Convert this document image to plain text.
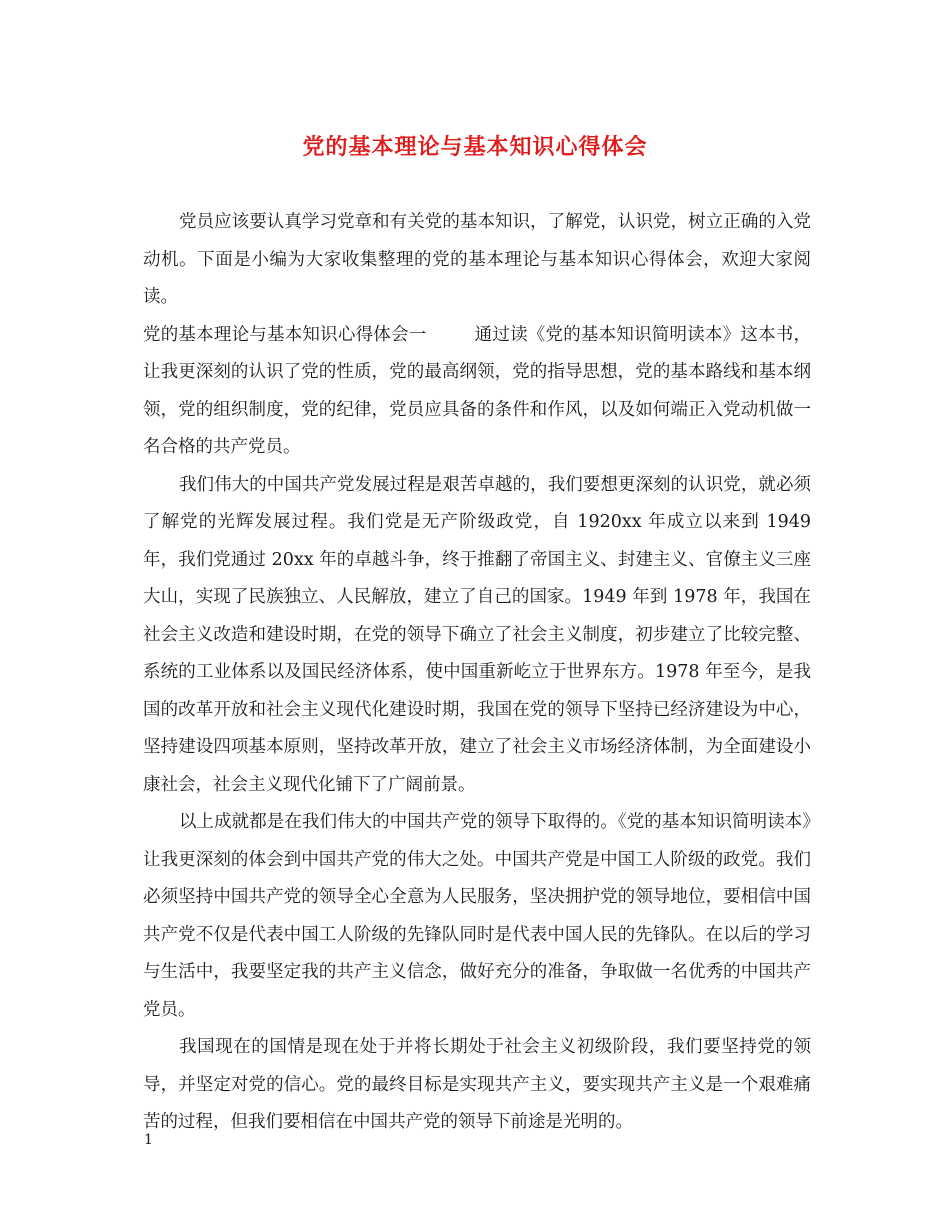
党的基本理论与基本知识心得体会

党员应该要认真学习党章和有关党的基本知识，了解党，认识党，树立正确的入党动机。下面是小编为大家收集整理的党的基本理论与基本知识心得体会，欢迎大家阅读。

党的基本理论与基本知识心得体会一	通过读《党的基本知识简明读本》这本书，让我更深刻的认识了党的性质，党的最高纲领，党的指导思想，党的基本路线和基本纲领，党的组织制度，党的纪律，党员应具备的条件和作风，以及如何端正入党动机做一名合格的共产党员。

我们伟大的中国共产党发展过程是艰苦卓越的，我们要想更深刻的认识党，就必须了解党的光辉发展过程。我们党是无产阶级政党，自 1920xx 年成立以来到 1949 年，我们党通过 20xx 年的卓越斗争，终于推翻了帝国主义、封建主义、官僚主义三座大山，实现了民族独立、人民解放，建立了自己的国家。1949 年到 1978 年，我国在社会主义改造和建设时期，在党的领导下确立了社会主义制度，初步建立了比较完整、系统的工业体系以及国民经济体系，使中国重新屹立于世界东方。1978 年至今，是我国的改革开放和社会主义现代化建设时期，我国在党的领导下坚持已经济建设为中心，坚持建设四项基本原则，坚持改革开放，建立了社会主义市场经济体制，为全面建设小康社会，社会主义现代化铺下了广阔前景。

以上成就都是在我们伟大的中国共产党的领导下取得的。《党的基本知识简明读本》让我更深刻的体会到中国共产党的伟大之处。中国共产党是中国工人阶级的政党。我们必须坚持中国共产党的领导全心全意为人民服务，坚决拥护党的领导地位，要相信中国共产党不仅是代表中国工人阶级的先锋队同时是代表中国人民的先锋队。在以后的学习与生活中，我要坚定我的共产主义信念，做好充分的准备，争取做一名优秀的中国共产党员。

我国现在的国情是现在处于并将长期处于社会主义初级阶段，我们要坚持党的领导，并坚定对党的信心。党的最终目标是实现共产主义，要实现共产主义是一个艰难痛苦的过程，但我们要相信在中国共产党的领导下前途是光明的。

1
